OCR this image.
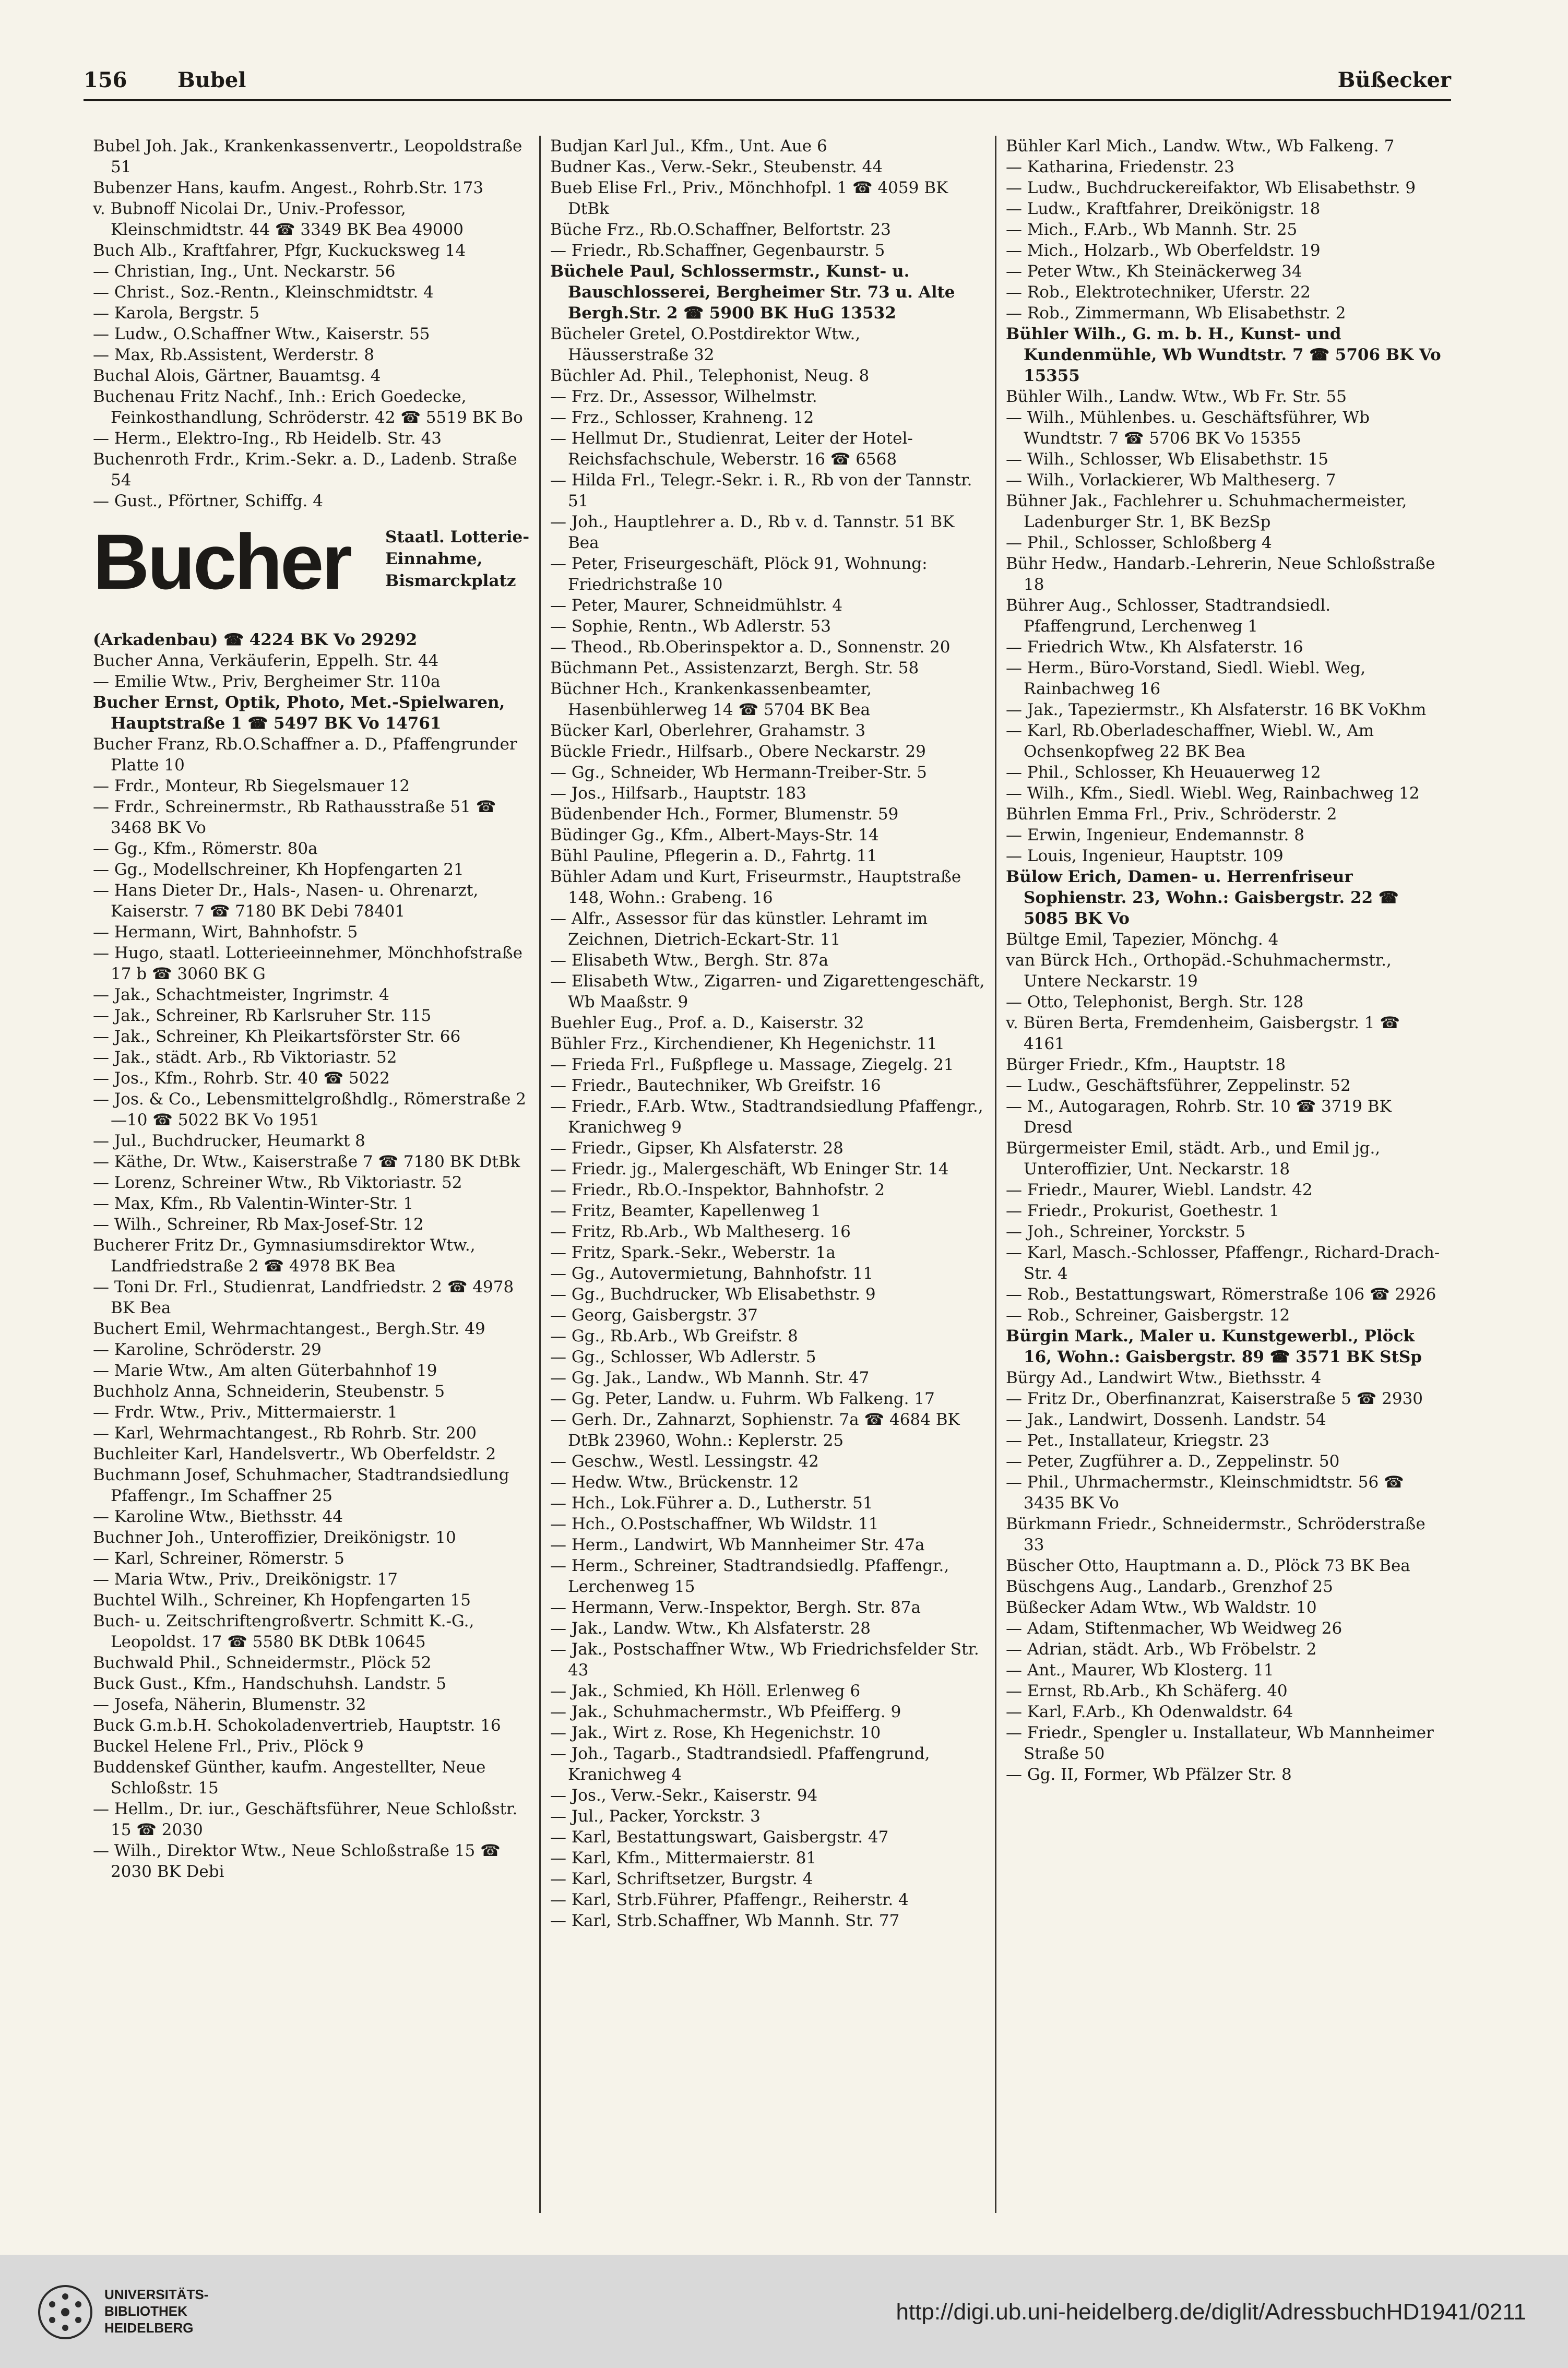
156 Bubel	Büßecker

Bubel Joh. Jak., Krankenkassenvertr., Leopoldstraße 51

Bubenzer Hans, kaufm. Angest., Rohrb.Str. 173

v. Bubnoff Nicolai Dr., Univ.-Professor, Kleinschmidtstr. 44 ☎ 3349 BK Bea 49000

Buch Alb., Kraftfahrer, Pfgr, Kuckucksweg 14

— Christian, Ing., Unt. Neckarstr. 56

— Christ., Soz.-Rentn., Kleinschmidtstr. 4

— Karola, Bergstr. 5

— Ludw., O.Schaffner Wtw., Kaiserstr. 55

— Max, Rb.Assistent, Werderstr. 8

Buchal Alois, Gärtner, Bauamtsg. 4

Buchenau Fritz Nachf., Inh.: Erich Goedecke, Feinkosthandlung, Schröderstr. 42 ☎ 5519 BK Bo

— Herm., Elektro-Ing., Rb Heidelb. Str. 43

Buchenroth Frdr., Krim.-Sekr. a. D., Ladenb. Straße 54

— Gust., Pförtner, Schiffg. 4

Bucher Staatl. Lotterie-
Einnahme,
Bismarckplatz

(Arkadenbau) ☎ 4224 BK Vo 29292

Bucher Anna, Verkäuferin, Eppelh. Str. 44

— Emilie Wtw., Priv, Bergheimer Str. 110a

Bucher Ernst, Optik, Photo, Met.-Spielwaren, Hauptstraße 1 ☎ 5497 BK Vo 14761

Bucher Franz, Rb.O.Schaffner a. D., Pfaffengrunder Platte 10

— Frdr., Monteur, Rb Siegelsmauer 12

— Frdr., Schreinermstr., Rb Rathausstraße 51 ☎ 3468 BK Vo

— Gg., Kfm., Römerstr. 80a

— Gg., Modellschreiner, Kh Hopfengarten 21

— Hans Dieter Dr., Hals-, Nasen- u. Ohrenarzt, Kaiserstr. 7 ☎ 7180 BK Debi 78401

— Hermann, Wirt, Bahnhofstr. 5

— Hugo, staatl. Lotterieeinnehmer, Mönchhofstraße 17 b ☎ 3060 BK G

— Jak., Schachtmeister, Ingrimstr. 4

— Jak., Schreiner, Rb Karlsruher Str. 115

— Jak., Schreiner, Kh Pleikartsförster Str. 66

— Jak., städt. Arb., Rb Viktoriastr. 52

— Jos., Kfm., Rohrb. Str. 40 ☎ 5022

— Jos. & Co., Lebensmittelgroßhdlg., Römerstraße 2—10 ☎ 5022 BK Vo 1951

— Jul., Buchdrucker, Heumarkt 8

— Käthe, Dr. Wtw., Kaiserstraße 7 ☎ 7180 BK DtBk

— Lorenz, Schreiner Wtw., Rb Viktoriastr. 52

— Max, Kfm., Rb Valentin-Winter-Str. 1

— Wilh., Schreiner, Rb Max-Josef-Str. 12

Bucherer Fritz Dr., Gymnasiumsdirektor Wtw., Landfriedstraße 2 ☎ 4978 BK Bea

— Toni Dr. Frl., Studienrat, Landfriedstr. 2 ☎ 4978 BK Bea

Buchert Emil, Wehrmachtangest., Bergh.Str. 49

— Karoline, Schröderstr. 29

— Marie Wtw., Am alten Güterbahnhof 19

Buchholz Anna, Schneiderin, Steubenstr. 5

— Frdr. Wtw., Priv., Mittermaierstr. 1

— Karl, Wehrmachtangest., Rb Rohrb. Str. 200

Buchleiter Karl, Handelsvertr., Wb Oberfeldstr. 2

Buchmann Josef, Schuhmacher, Stadtrandsiedlung Pfaffengr., Im Schaffner 25

— Karoline Wtw., Biethsstr. 44

Buchner Joh., Unteroffizier, Dreikönigstr. 10

— Karl, Schreiner, Römerstr. 5

— Maria Wtw., Priv., Dreikönigstr. 17

Buchtel Wilh., Schreiner, Kh Hopfengarten 15

Buch- u. Zeitschriftengroßvertr. Schmitt K.-G., Leopoldst. 17 ☎ 5580 BK DtBk 10645

Buchwald Phil., Schneidermstr., Plöck 52

Buck Gust., Kfm., Handschuhsh. Landstr. 5

— Josefa, Näherin, Blumenstr. 32

Buck G.m.b.H. Schokoladenvertrieb, Hauptstr. 16

Buckel Helene Frl., Priv., Plöck 9

Buddenskef Günther, kaufm. Angestellter, Neue Schloßstr. 15

— Hellm., Dr. iur., Geschäftsführer, Neue Schloßstr. 15 ☎ 2030

— Wilh., Direktor Wtw., Neue Schloßstraße 15 ☎ 2030 BK Debi

Budjan Karl Jul., Kfm., Unt. Aue 6

Budner Kas., Verw.-Sekr., Steubenstr. 44

Bueb Elise Frl., Priv., Mönchhofpl. 1 ☎ 4059 BK DtBk

Büche Frz., Rb.O.Schaffner, Belfortstr. 23

— Friedr., Rb.Schaffner, Gegenbaurstr. 5

Büchele Paul, Schlossermstr., Kunst- u. Bauschlosserei, Bergheimer Str. 73 u. Alte Bergh.Str. 2 ☎ 5900 BK HuG 13532

Bücheler Gretel, O.Postdirektor Wtw., Häusserstraße 32

Büchler Ad. Phil., Telephonist, Neug. 8

— Frz. Dr., Assessor, Wilhelmstr.

— Frz., Schlosser, Krahneng. 12

— Hellmut Dr., Studienrat, Leiter der Hotel-Reichsfachschule, Weberstr. 16 ☎ 6568

— Hilda Frl., Telegr.-Sekr. i. R., Rb von der Tannstr. 51

— Joh., Hauptlehrer a. D., Rb v. d. Tannstr. 51 BK Bea

— Peter, Friseurgeschäft, Plöck 91, Wohnung: Friedrichstraße 10

— Peter, Maurer, Schneidmühlstr. 4

— Sophie, Rentn., Wb Adlerstr. 53

— Theod., Rb.Oberinspektor a. D., Sonnenstr. 20

Büchmann Pet., Assistenzarzt, Bergh. Str. 58

Büchner Hch., Krankenkassenbeamter, Hasenbühlerweg 14 ☎ 5704 BK Bea

Bücker Karl, Oberlehrer, Grahamstr. 3

Bückle Friedr., Hilfsarb., Obere Neckarstr. 29

— Gg., Schneider, Wb Hermann-Treiber-Str. 5

— Jos., Hilfsarb., Hauptstr. 183

Büdenbender Hch., Former, Blumenstr. 59

Büdinger Gg., Kfm., Albert-Mays-Str. 14

Bühl Pauline, Pflegerin a. D., Fahrtg. 11

Bühler Adam und Kurt, Friseurmstr., Hauptstraße 148, Wohn.: Grabeng. 16

— Alfr., Assessor für das künstler. Lehramt im Zeichnen, Dietrich-Eckart-Str. 11

— Elisabeth Wtw., Bergh. Str. 87a

— Elisabeth Wtw., Zigarren- und Zigarettengeschäft, Wb Maaßstr. 9

Buehler Eug., Prof. a. D., Kaiserstr. 32

Bühler Frz., Kirchendiener, Kh Hegenichstr. 11

— Frieda Frl., Fußpflege u. Massage, Ziegelg. 21

— Friedr., Bautechniker, Wb Greifstr. 16

— Friedr., F.Arb. Wtw., Stadtrandsiedlung Pfaffengr., Kranichweg 9

— Friedr., Gipser, Kh Alsfaterstr. 28

— Friedr. jg., Malergeschäft, Wb Eninger Str. 14

— Friedr., Rb.O.-Inspektor, Bahnhofstr. 2

— Fritz, Beamter, Kapellenweg 1

— Fritz, Rb.Arb., Wb Maltheserg. 16

— Fritz, Spark.-Sekr., Weberstr. 1a

— Gg., Autovermietung, Bahnhofstr. 11

— Gg., Buchdrucker, Wb Elisabethstr. 9

— Georg, Gaisbergstr. 37

— Gg., Rb.Arb., Wb Greifstr. 8

— Gg., Schlosser, Wb Adlerstr. 5

— Gg. Jak., Landw., Wb Mannh. Str. 47

— Gg. Peter, Landw. u. Fuhrm. Wb Falkeng. 17

— Gerh. Dr., Zahnarzt, Sophienstr. 7a ☎ 4684 BK DtBk 23960, Wohn.: Keplerstr. 25

— Geschw., Westl. Lessingstr. 42

— Hedw. Wtw., Brückenstr. 12

— Hch., Lok.Führer a. D., Lutherstr. 51

— Hch., O.Postschaffner, Wb Wildstr. 11

— Herm., Landwirt, Wb Mannheimer Str. 47a

— Herm., Schreiner, Stadtrandsiedlg. Pfaffengr., Lerchenweg 15

— Hermann, Verw.-Inspektor, Bergh. Str. 87a

— Jak., Landw. Wtw., Kh Alsfaterstr. 28

— Jak., Postschaffner Wtw., Wb Friedrichsfelder Str. 43

— Jak., Schmied, Kh Höll. Erlenweg 6

— Jak., Schuhmachermstr., Wb Pfeifferg. 9

— Jak., Wirt z. Rose, Kh Hegenichstr. 10

— Joh., Tagarb., Stadtrandsiedl. Pfaffengrund, Kranichweg 4

— Jos., Verw.-Sekr., Kaiserstr. 94

— Jul., Packer, Yorckstr. 3

— Karl, Bestattungswart, Gaisbergstr. 47

— Karl, Kfm., Mittermaierstr. 81

— Karl, Schriftsetzer, Burgstr. 4

— Karl, Strb.Führer, Pfaffengr., Reiherstr. 4

— Karl, Strb.Schaffner, Wb Mannh. Str. 77

Bühler Karl Mich., Landw. Wtw., Wb Falkeng. 7

— Katharina, Friedenstr. 23

— Ludw., Buchdruckereifaktor, Wb Elisabethstr. 9

— Ludw., Kraftfahrer, Dreikönigstr. 18

— Mich., F.Arb., Wb Mannh. Str. 25

— Mich., Holzarb., Wb Oberfeldstr. 19

— Peter Wtw., Kh Steinäckerweg 34

— Rob., Elektrotechniker, Uferstr. 22

— Rob., Zimmermann, Wb Elisabethstr. 2

Bühler Wilh., G. m. b. H., Kunst- und Kundenmühle, Wb Wundtstr. 7 ☎ 5706 BK Vo 15355

Bühler Wilh., Landw. Wtw., Wb Fr. Str. 55

— Wilh., Mühlenbes. u. Geschäftsführer, Wb Wundtstr. 7 ☎ 5706 BK Vo 15355

— Wilh., Schlosser, Wb Elisabethstr. 15

— Wilh., Vorlackierer, Wb Maltheserg. 7

Bühner Jak., Fachlehrer u. Schuhmachermeister, Ladenburger Str. 1, BK BezSp

— Phil., Schlosser, Schloßberg 4

Bühr Hedw., Handarb.-Lehrerin, Neue Schloßstraße 18

Bührer Aug., Schlosser, Stadtrandsiedl. Pfaffengrund, Lerchenweg 1

— Friedrich Wtw., Kh Alsfaterstr. 16

— Herm., Büro-Vorstand, Siedl. Wiebl. Weg, Rainbachweg 16

— Jak., Tapeziermstr., Kh Alsfaterstr. 16 BK VoKhm

— Karl, Rb.Oberladeschaffner, Wiebl. W., Am Ochsenkopfweg 22 BK Bea

— Phil., Schlosser, Kh Heuauerweg 12

— Wilh., Kfm., Siedl. Wiebl. Weg, Rainbachweg 12

Bührlen Emma Frl., Priv., Schröderstr. 2

— Erwin, Ingenieur, Endemannstr. 8

— Louis, Ingenieur, Hauptstr. 109

Bülow Erich, Damen- u. Herrenfriseur Sophienstr. 23, Wohn.: Gaisbergstr. 22 ☎ 5085 BK Vo

Bültge Emil, Tapezier, Mönchg. 4

van Bürck Hch., Orthopäd.-Schuhmachermstr., Untere Neckarstr. 19

— Otto, Telephonist, Bergh. Str. 128

v. Büren Berta, Fremdenheim, Gaisbergstr. 1 ☎ 4161

Bürger Friedr., Kfm., Hauptstr. 18

— Ludw., Geschäftsführer, Zeppelinstr. 52

— M., Autogaragen, Rohrb. Str. 10 ☎ 3719 BK Dresd

Bürgermeister Emil, städt. Arb., und Emil jg., Unteroffizier, Unt. Neckarstr. 18

— Friedr., Maurer, Wiebl. Landstr. 42

— Friedr., Prokurist, Goethestr. 1

— Joh., Schreiner, Yorckstr. 5

— Karl, Masch.-Schlosser, Pfaffengr., Richard-Drach-Str. 4

— Rob., Bestattungswart, Römerstraße 106 ☎ 2926

— Rob., Schreiner, Gaisbergstr. 12

Bürgin Mark., Maler u. Kunstgewerbl., Plöck 16, Wohn.: Gaisbergstr. 89 ☎ 3571 BK StSp

Bürgy Ad., Landwirt Wtw., Biethsstr. 4

— Fritz Dr., Oberfinanzrat, Kaiserstraße 5 ☎ 2930

— Jak., Landwirt, Dossenh. Landstr. 54

— Pet., Installateur, Kriegstr. 23

— Peter, Zugführer a. D., Zeppelinstr. 50

— Phil., Uhrmachermstr., Kleinschmidtstr. 56 ☎ 3435 BK Vo

Bürkmann Friedr., Schneidermstr., Schröderstraße 33

Büscher Otto, Hauptmann a. D., Plöck 73 BK Bea

Büschgens Aug., Landarb., Grenzhof 25

Büßecker Adam Wtw., Wb Waldstr. 10

— Adam, Stiftenmacher, Wb Weidweg 26

— Adrian, städt. Arb., Wb Fröbelstr. 2

— Ant., Maurer, Wb Klosterg. 11

— Ernst, Rb.Arb., Kh Schäferg. 40

— Karl, F.Arb., Kh Odenwaldstr. 64

— Friedr., Spengler u. Installateur, Wb Mannheimer Straße 50

— Gg. II, Former, Wb Pfälzer Str. 8

UNIVERSITÄTS-
BIBLIOTHEK
HEIDELBERG
http://digi.ub.uni-heidelberg.de/diglit/AdressbuchHD1941/0211
